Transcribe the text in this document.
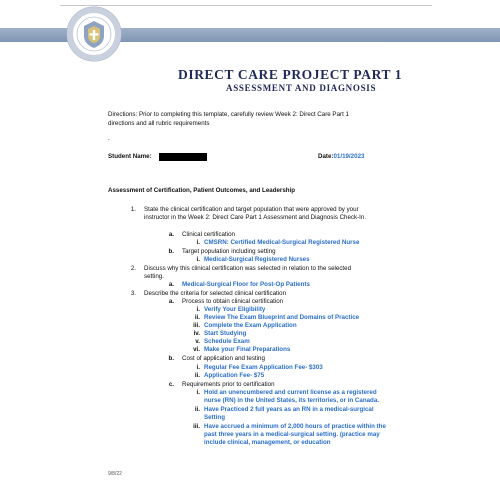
DIRECT CARE PROJECT PART 1
ASSESSMENT AND DIAGNOSIS
Directions: Prior to completing this template, carefully review Week 2: Direct Care Part 1
directions and all rubric requirements
.
Student Name:	Date:01/19/2023
Assessment of Certification, Patient Outcomes, and Leadership
1. State the clinical certification and target population that were approved by your
instructor in the Week 2: Direct Care Part 1 Assessment and Diagnosis Check-In.
a. Clinical certification
i. CMSRN: Certified Medical-Surgical Registered Nurse
b. Target population including setting
i. Medical-Surgical Registered Nurses
2. Discuss why this clinical certification was selected in relation to the selected
setting.
a. Medical-Surgical Floor for Post-Op Patients
3. Describe the criteria for selected clinical certification
a. Process to obtain clinical certification
i. Verify Your Eligibility
ii. Review The Exam Blueprint and Domains of Practice
iii. Complete the Exam Application
iv. Start Studying
v. Schedule Exam
vi. Make your Final Preparations
b. Cost of application and testing
i. Regular Fee Exam Application Fee- $303
ii. Application Fee- $75
c. Requirements prior to certification
i. Hold an unencumbered and current license as a registered
nurse (RN) in the United States, its territories, or in Canada.
ii. Have Practiced 2 full years as an RN in a medical-surgical
Setting
iii. Have accrued a minimum of 2,000 hours of practice within the
past three years in a medical-surgical setting. (practice may
include clinical, management, or education
9/8/22
